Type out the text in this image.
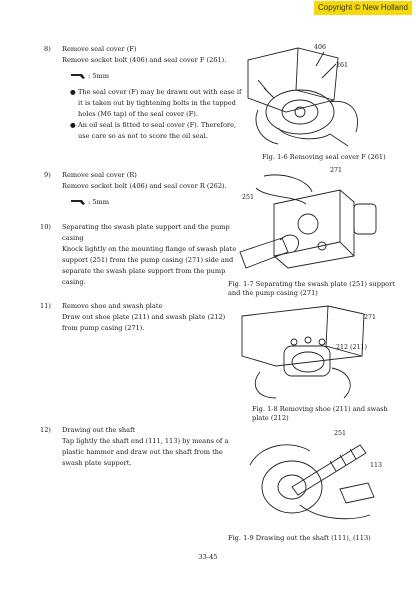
Copyright © New Holland
8) Remove seal cover (F)

Remove socket bolt (406) and seal cover F (261).

: 5mm
● The seal cover (F) may be drawn out with ease if it is taken out by tightening bolts in the tapped holes (M6 tap) of the seal cover (F).
● An oil seal is fitted to seal cover (F). Therefore, use care so as not to score the oil seal.
9) Remove seal cover (R)

Remove socket bolt (406) and seal cover R (262).

: 5mm
10) Separating the swash plate support and the pump casing

Knock lightly on the mounting flange of swash plate support (251) from the pump casing (271) side and separate the swash plate support from the pump casing.

11) Remove shoe and swash plate

Draw out shoe plate (211) and swash plate (212) from pump casing (271).

12) Drawing out the shaft

Tap lightly the shaft end (111, 113) by means of a plastic hammer and draw out the shaft from the swash plate support.

406
261
Fig. 1-6 Removing seal cover F (261)
271
251
Fig. 1-7 Separating the swash plate (251) support and the pump casing (271)
271
212 (211)
Fig. 1-8 Removing shoe (211) and swash plate (212)
251
113
Fig. 1-9 Drawing out the shaft (111), (113)
33-45
